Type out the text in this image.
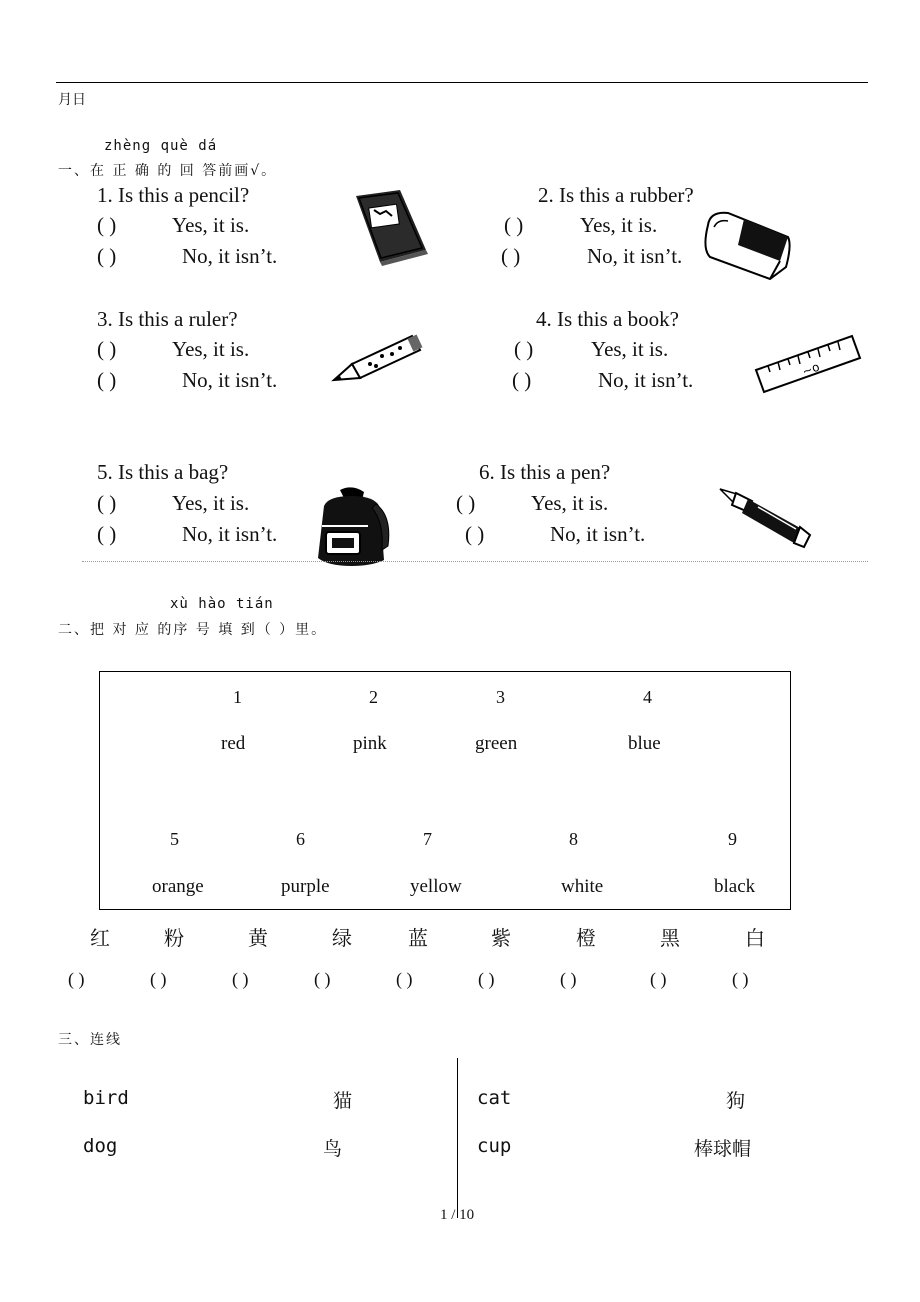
月日
zhèng què dá
一、在 正 确 的 回 答前画√。
1. Is this a pencil?
( )	Yes, it is.
( )	No, it isn’t.
2. Is this a rubber?
( )	Yes, it is.
( )	No, it isn’t.
3. Is this a ruler?
( )	Yes, it is.
( )	No, it isn’t.
4. Is this a book?
( )	Yes, it is.
( )	No, it isn’t.
5. Is this a bag?
( )	Yes, it is.
( )	No, it isn’t.
6. Is this a pen?
( )	Yes, it is.
( )	No, it isn’t.
~o
xù hào tián
二、把 对 应 的序 号 填 到（ ）里。
1
red
2
pink
3
green
4
blue
5
orange
6
purple
7
yellow
8
white
9
black
红	粉	黄	绿	蓝	紫	橙	黑	白
( )	( )	( )	( )	( )	( )	( )	( )	( )
三、连线
bird	猫
dog	鸟
cat	狗
cup	棒球帽
1 / 10
